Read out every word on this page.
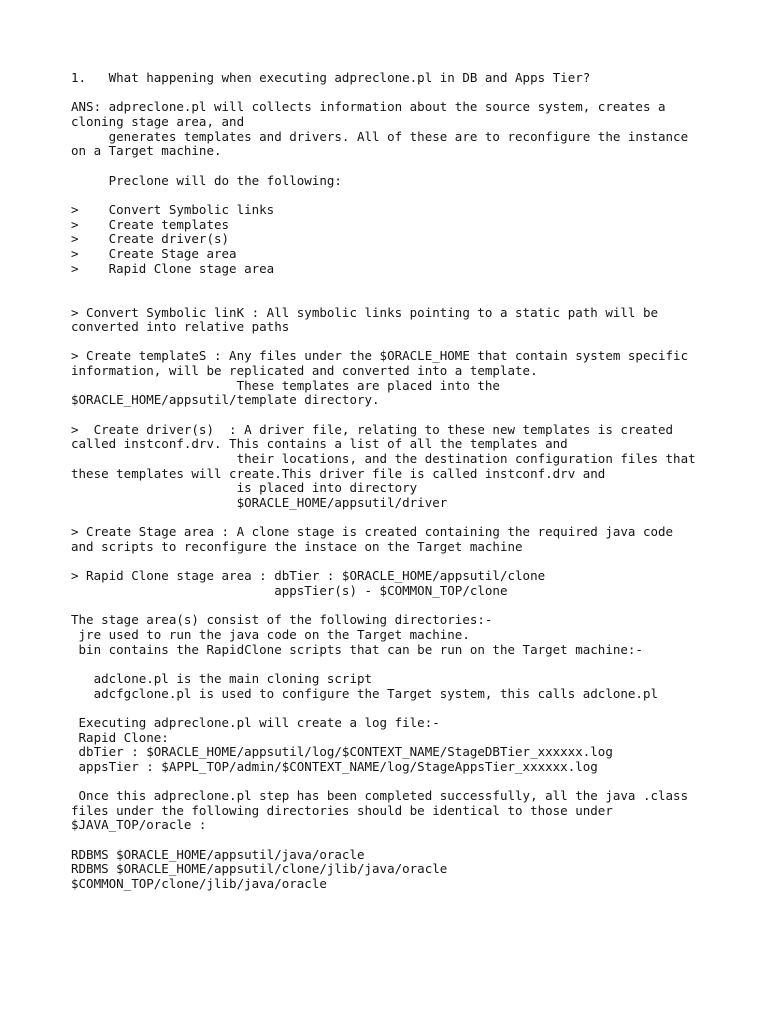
1.   What happening when executing adpreclone.pl in DB and Apps Tier?
ANS: adpreclone.pl will collects information about the source system, creates a
cloning stage area, and
generates templates and drivers. All of these are to reconfigure the instance
on a Target machine.
Preclone will do the following:
>    Convert Symbolic links
>    Create templates
>    Create driver(s)
>    Create Stage area
>    Rapid Clone stage area
> Convert Symbolic linK : All symbolic links pointing to a static path will be
converted into relative paths
> Create templateS : Any files under the $ORACLE_HOME that contain system specific
information, will be replicated and converted into a template.
These templates are placed into the
$ORACLE_HOME/appsutil/template directory.
>  Create driver(s)  : A driver file, relating to these new templates is created
called instconf.drv. This contains a list of all the templates and
their locations, and the destination configuration files that
these templates will create.This driver file is called instconf.drv and
is placed into directory
$ORACLE_HOME/appsutil/driver
> Create Stage area : A clone stage is created containing the required java code
and scripts to reconfigure the instace on the Target machine
> Rapid Clone stage area : dbTier : $ORACLE_HOME/appsutil/clone
appsTier(s) - $COMMON_TOP/clone
The stage area(s) consist of the following directories:-
jre used to run the java code on the Target machine.
bin contains the RapidClone scripts that can be run on the Target machine:-
adclone.pl is the main cloning script
adcfgclone.pl is used to configure the Target system, this calls adclone.pl
Executing adpreclone.pl will create a log file:-
Rapid Clone:
dbTier : $ORACLE_HOME/appsutil/log/$CONTEXT_NAME/StageDBTier_xxxxxx.log
appsTier : $APPL_TOP/admin/$CONTEXT_NAME/log/StageAppsTier_xxxxxx.log
Once this adpreclone.pl step has been completed successfully, all the java .class
files under the following directories should be identical to those under
$JAVA_TOP/oracle :
RDBMS $ORACLE_HOME/appsutil/java/oracle
RDBMS $ORACLE_HOME/appsutil/clone/jlib/java/oracle
$COMMON_TOP/clone/jlib/java/oracle
